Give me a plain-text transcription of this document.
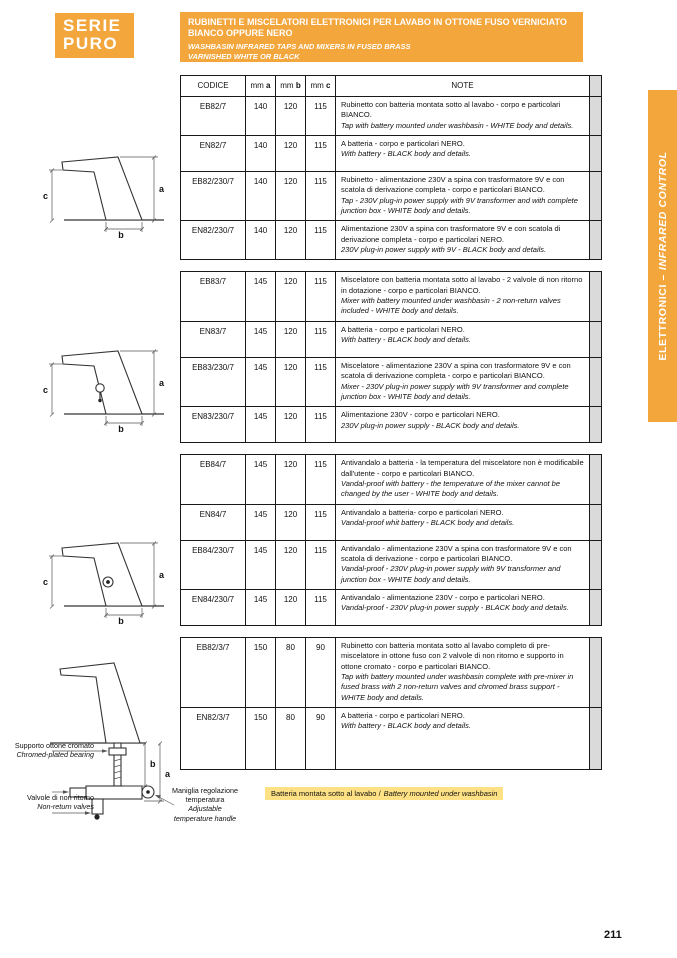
SERIE
PURO
RUBINETTI E MISCELATORI ELETTRONICI PER LAVABO IN OTTONE FUSO VERNICIATO BIANCO OPPURE NERO
WASHBASIN INFRARED TAPS AND MIXERS IN FUSED BRASS
VARNISHED WHITE OR BLACK
ELETTRONICI –INFRARED CONTROL
CODICE	mm a	mm b	mm c	NOTE
EB82/7	140	120	115	Rubinetto con batteria montata sotto al lavabo - corpo e particolari BIANCO.
Tap with battery mounted under washbasin - WHITE body and details.
EN82/7	140	120	115	A batteria - corpo e particolari NERO.
With battery - BLACK body and details.
EB82/230/7	140	120	115	Rubinetto - alimentazione 230V a spina con trasformatore 9V e con scatola di derivazione completa - corpo e particolari BIANCO.
Tap - 230V plug-in power supply with 9V transformer and with complete junction box - WHITE body and details.
EN82/230/7	140	120	115	Alimentazione 230V a spina con trasformatore 9V e con scatola di derivazione completa - corpo e particolari NERO.
230V plug-in power supply with 9V - BLACK body and details.
EB83/7	145	120	115	Miscelatore con batteria montata sotto al lavabo - 2 valvole di non ritorno in dotazione - corpo e particolari BIANCO.
Mixer with battery mounted under washbasin - 2 non-return valves included - WHITE body and details.
EN83/7	145	120	115	A batteria - corpo e particolari NERO.
With battery - BLACK body and details.
EB83/230/7	145	120	115	Miscelatore - alimentazione 230V a spina con trasformatore 9V e con scatola di derivazione completa - corpo e particolari BIANCO.
Mixer - 230V plug-in power supply with 9V transformer and complete junction box - WHITE body and details.
EN83/230/7	145	120	115	Alimentazione 230V - corpo e particolari NERO.
230V plug-in power supply - BLACK body and details.
EB84/7	145	120	115	Antivandalo a batteria - la temperatura del miscelatore non è modificabile dall'utente - corpo e particolari BIANCO.
Vandal-proof with battery - the temperature of the mixer cannot be changed by the user - WHITE body and details.
EN84/7	145	120	115	Antivandalo a batteria- corpo e particolari NERO.
Vandal-proof whit battery - BLACK body and details.
EB84/230/7	145	120	115	Antivandalo - alimentazione 230V a spina con trasformatore 9V e con scatola di derivazione - corpo e particolari BIANCO.
Vandal-proof - 230V plug-in power supply with 9V transformer and junction box - WHITE body and details.
EN84/230/7	145	120	115	Antivandalo - alimentazione 230V - corpo e particolari NERO.
Vandal-proof - 230V plug-in power supply - BLACK body and details.
EB82/3/7	150	80	90	Rubinetto con batteria montata sotto al lavabo completo di pre-miscelatore in ottone fuso con 2 valvole di non ritorno e supporto in ottone cromato - corpo e particolari BIANCO.
Tap with battery mounted under washbasin complete with pre-mixer in fused brass with 2 non-return valves and chromed brass support - WHITE body and details.
EN82/3/7	150	80	90	A batteria - corpo e particolari NERO.
With battery - BLACK body and details.
Batteria montata sotto al lavabo / Battery mounted under washbasin
c
a
b
c
a
b
c
a
b
b
a
Supporto ottone cromato
Chromed-plated bearing
Valvole di non ritorno
Non-return valves
Maniglia regolazione temperatura
Adjustable temperature handle
211
